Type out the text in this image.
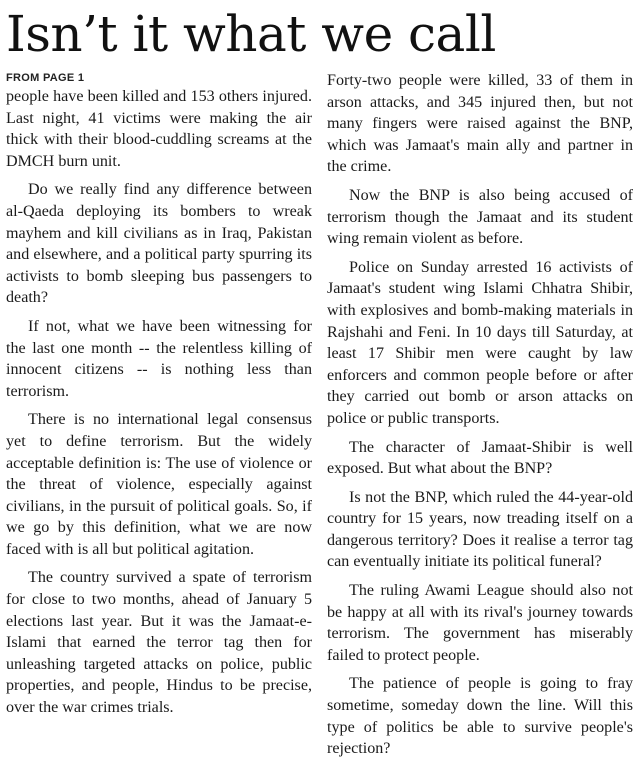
Isn’t it what we call
FROM PAGE 1

people have been killed and 153 others injured. Last night, 41 victims were making the air thick with their blood-cuddling screams at the DMCH burn unit.

Do we really find any difference between al-Qaeda deploying its bombers to wreak mayhem and kill civilians as in Iraq, Pakistan and elsewhere, and a political party spurring its activists to bomb sleeping bus passengers to death?

If not, what we have been witnessing for the last one month -- the relentless killing of innocent citizens -- is nothing less than terrorism.

There is no international legal consensus yet to define terrorism. But the widely acceptable definition is: The use of violence or the threat of violence, especially against civilians, in the pursuit of political goals. So, if we go by this definition, what we are now faced with is all but political agitation.

The country survived a spate of terrorism for close to two months, ahead of January 5 elections last year. But it was the Jamaat-e-Islami that earned the terror tag then for unleashing targeted attacks on police, public properties, and people, Hindus to be precise, over the war crimes trials.

Forty-two people were killed, 33 of them in arson attacks, and 345 injured then, but not many fingers were raised against the BNP, which was Jamaat's main ally and partner in the crime.

Now the BNP is also being accused of terrorism though the Jamaat and its student wing remain violent as before.

Police on Sunday arrested 16 activists of Jamaat's student wing Islami Chhatra Shibir, with explosives and bomb-making materials in Rajshahi and Feni. In 10 days till Saturday, at least 17 Shibir men were caught by law enforcers and common people before or after they carried out bomb or arson attacks on police or public transports.

The character of Jamaat-Shibir is well exposed. But what about the BNP?

Is not the BNP, which ruled the 44-year-old country for 15 years, now treading itself on a dangerous territory? Does it realise a terror tag can eventually initiate its political funeral?

The ruling Awami League should also not be happy at all with its rival's journey towards terrorism. The government has miserably failed to protect people.

The patience of people is going to fray sometime, someday down the line. Will this type of politics be able to survive people's rejection?
